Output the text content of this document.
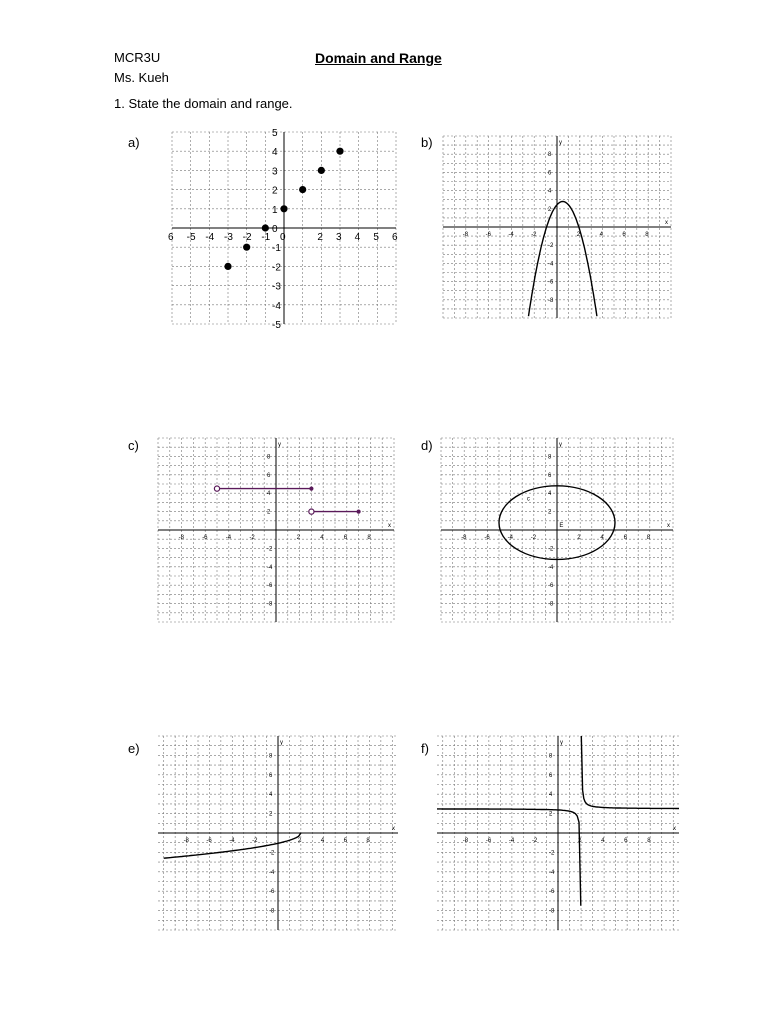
MCR3U
Ms. Kueh
Domain and Range
1. State the domain and range.
a)	b)
c)	d)
e)	f)
6 -5 -4 -3 -2 -1 0	2 3 4 5 6
5
4
3
2
1
0
-1
-2
-3
-4
-5
-8	-6	-4	-2	2	4	6	8
8
6
4
2
-2
-4
-6
-8
y
x
-8	-6	-4	-2	2	4	6	8
8
6
4
2
-2
-4
-6
-8
y
x
-8	-6	-4	-2	2	4	6	8
8
6
4
2
-2
-4
-6
-8
y
x
c
E
-8	-6	-4	-2	2	4	6	8
8
6
4
2
-2
-4
-6
-8
y
x
-8	-6	-4	-2	2	4	6	8
8
6
4
2
-2
-4
-6
-8
y
x
